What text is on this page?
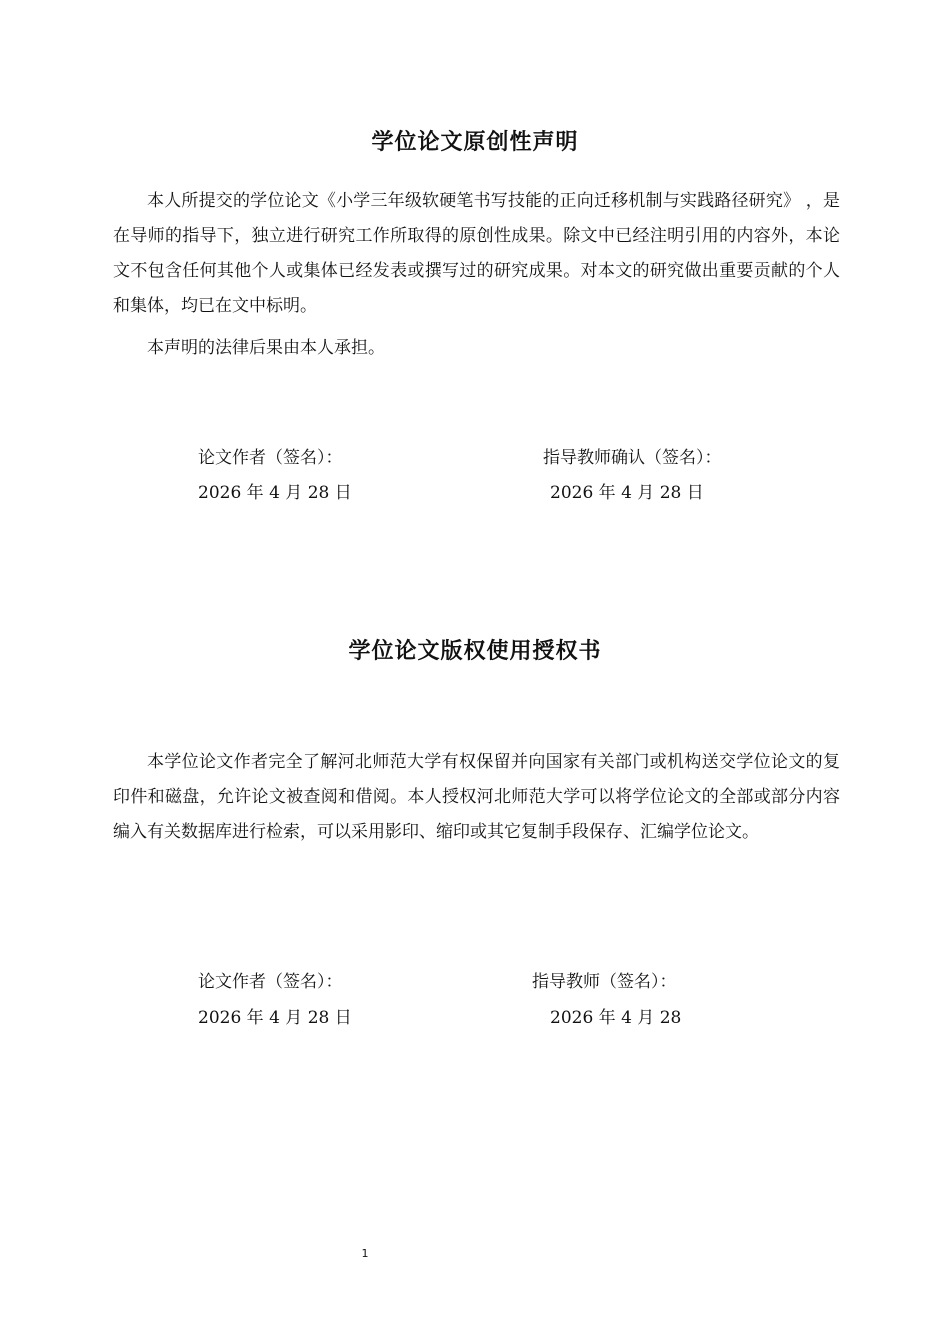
学位论文原创性声明

本人所提交的学位论文《小学三年级软硬笔书写技能的正向迁移机制与实践路径研究》 ，是在导师的指导下，独立进行研究工作所取得的原创性成果。除文中已经注明引用的内容外，本论文不包含任何其他个人或集体已经发表或撰写过的研究成果。对本文的研究做出重要贡献的个人和集体，均已在文中标明。

本声明的法律后果由本人承担。

论文作者（签名）：
2026 年 4 月 28 日
指导教师确认（签名）：
2026 年 4 月 28 日
学位论文版权使用授权书

本学位论文作者完全了解河北师范大学有权保留并向国家有关部门或机构送交学位论文的复印件和磁盘，允许论文被查阅和借阅。本人授权河北师范大学可以将学位论文的全部或部分内容编入有关数据库进行检索，可以采用影印、缩印或其它复制手段保存、汇编学位论文。

论文作者（签名）：
2026 年 4 月 28 日
指导教师（签名）：
2026 年 4 月 28
1
